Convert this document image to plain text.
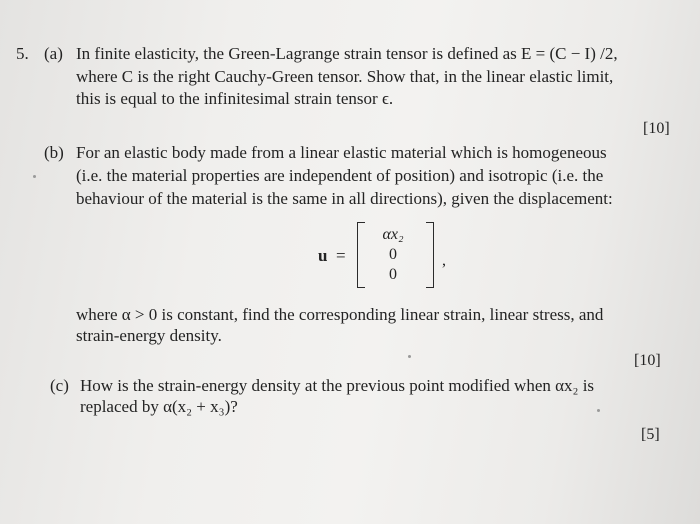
5. (a) In finite elasticity, the Green-Lagrange strain tensor is defined as E = (C − I) /2,
where C is the right Cauchy-Green tensor. Show that, in the linear elastic limit,
this is equal to the infinitesimal strain tensor ϵ.
[10]
(b) For an elastic body made from a linear elastic material which is homogeneous
(i.e. the material properties are independent of position) and isotropic (i.e. the
behaviour of the material is the same in all directions), given the displacement:
u =
αx₂
0
0
,
where α > 0 is constant, find the corresponding linear strain, linear stress, and
strain-energy density.
[10]
(c) How is the strain-energy density at the previous point modified when αx₂ is
replaced by α(x₂ + x₃)?
[5]
